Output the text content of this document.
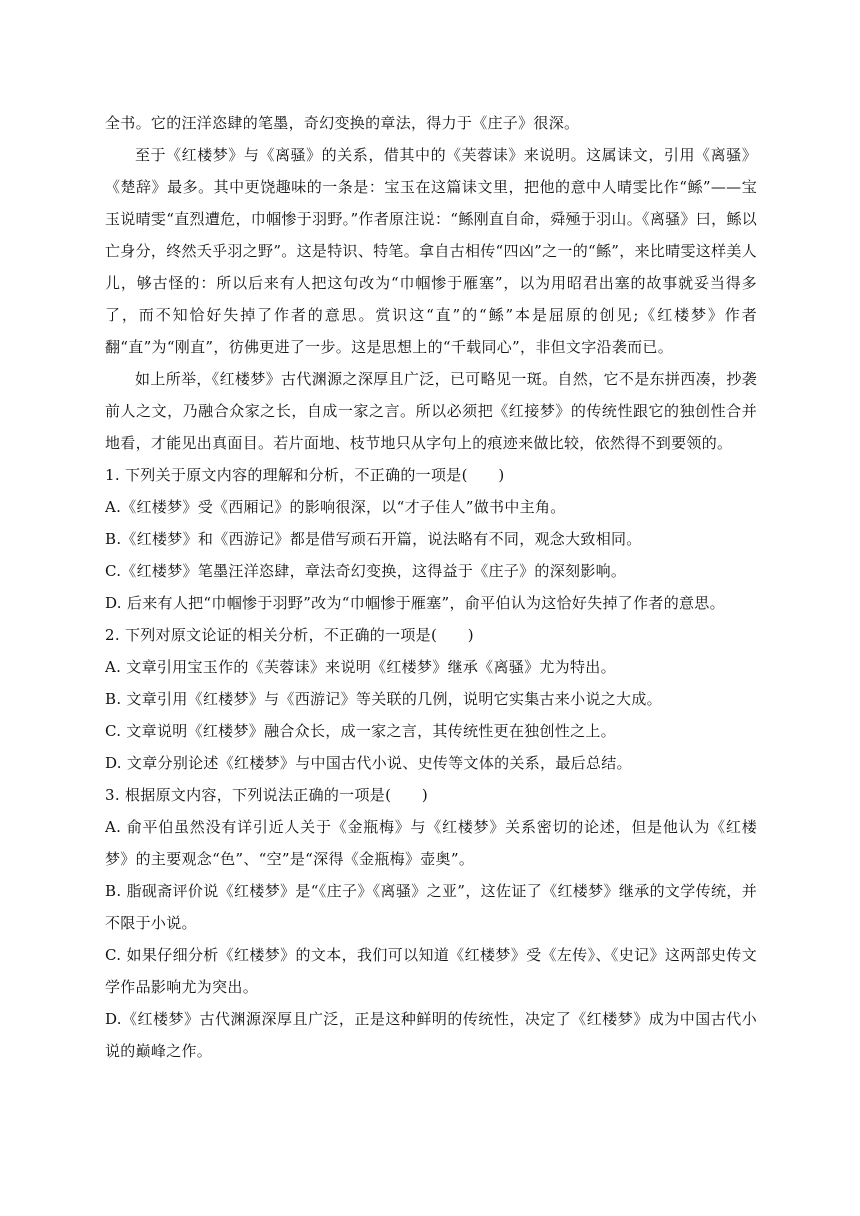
全书。它的汪洋恣肆的笔墨，奇幻变换的章法，得力于《庄子》很深。

至于《红楼梦》与《离骚》的关系，借其中的《芙蓉诔》来说明。这属诔文，引用《离骚》《楚辞》最多。其中更饶趣味的一条是：宝玉在这篇诔文里，把他的意中人晴雯比作“鲧”——宝玉说晴雯“直烈遭危，巾帼惨于羽野。”作者原注说：“鲧刚直自命，舜殛于羽山。《离骚》曰，鲧以亡身分，终然夭乎羽之野”。这是特识、特笔。拿自古相传“四凶”之一的“鲧”，来比晴雯这样美人儿，够古怪的：所以后来有人把这句改为“巾帼惨于雁塞”，以为用昭君出塞的故事就妥当得多了，而不知恰好失掉了作者的意思。赏识这“直”的“鲧”本是屈原的创见;《红楼梦》作者翻“直”为“刚直”，彷佛更进了一步。这是思想上的“千载同心”，非但文字沿袭而已。

如上所举，《红楼梦》古代渊源之深厚且广泛，已可略见一斑。自然，它不是东拼西凑，抄袭前人之文，乃融合众家之长，自成一家之言。所以必须把《红接梦》的传统性跟它的独创性合并地看，才能见出真面目。若片面地、枝节地只从字句上的痕迹来做比较，依然得不到要领的。

1. 下列关于原文内容的理解和分析，不正确的一项是(　　)

A.《红楼梦》受《西厢记》的影响很深，以“才子佳人”做书中主角。

B.《红楼梦》和《西游记》都是借写顽石开篇，说法略有不同，观念大致相同。

C.《红楼梦》笔墨汪洋恣肆，章法奇幻变换，这得益于《庄子》的深刻影响。

D. 后来有人把“巾帼惨于羽野”改为“巾帼惨于雁塞”，俞平伯认为这恰好失掉了作者的意思。

2. 下列对原文论证的相关分析，不正确的一项是(　　)

A. 文章引用宝玉作的《芙蓉诔》来说明《红楼梦》继承《离骚》尤为特出。

B. 文章引用《红楼梦》与《西游记》等关联的几例，说明它实集古来小说之大成。

C. 文章说明《红楼梦》融合众长，成一家之言，其传统性更在独创性之上。

D. 文章分别论述《红楼梦》与中国古代小说、史传等文体的关系，最后总结。

3. 根据原文内容，下列说法正确的一项是(　　)

A. 俞平伯虽然没有详引近人关于《金瓶梅》与《红楼梦》关系密切的论述，但是他认为《红楼梦》的主要观念“色”、“空”是“深得《金瓶梅》壶奥”。

B. 脂砚斋评价说《红楼梦》是“《庄子》《离骚》之亚”，这佐证了《红楼梦》继承的文学传统，并不限于小说。

C. 如果仔细分析《红楼梦》的文本，我们可以知道《红楼梦》受《左传》、《史记》这两部史传文学作品影响尤为突出。

D.《红楼梦》古代渊源深厚且广泛，正是这种鲜明的传统性，决定了《红楼梦》成为中国古代小说的巅峰之作。
